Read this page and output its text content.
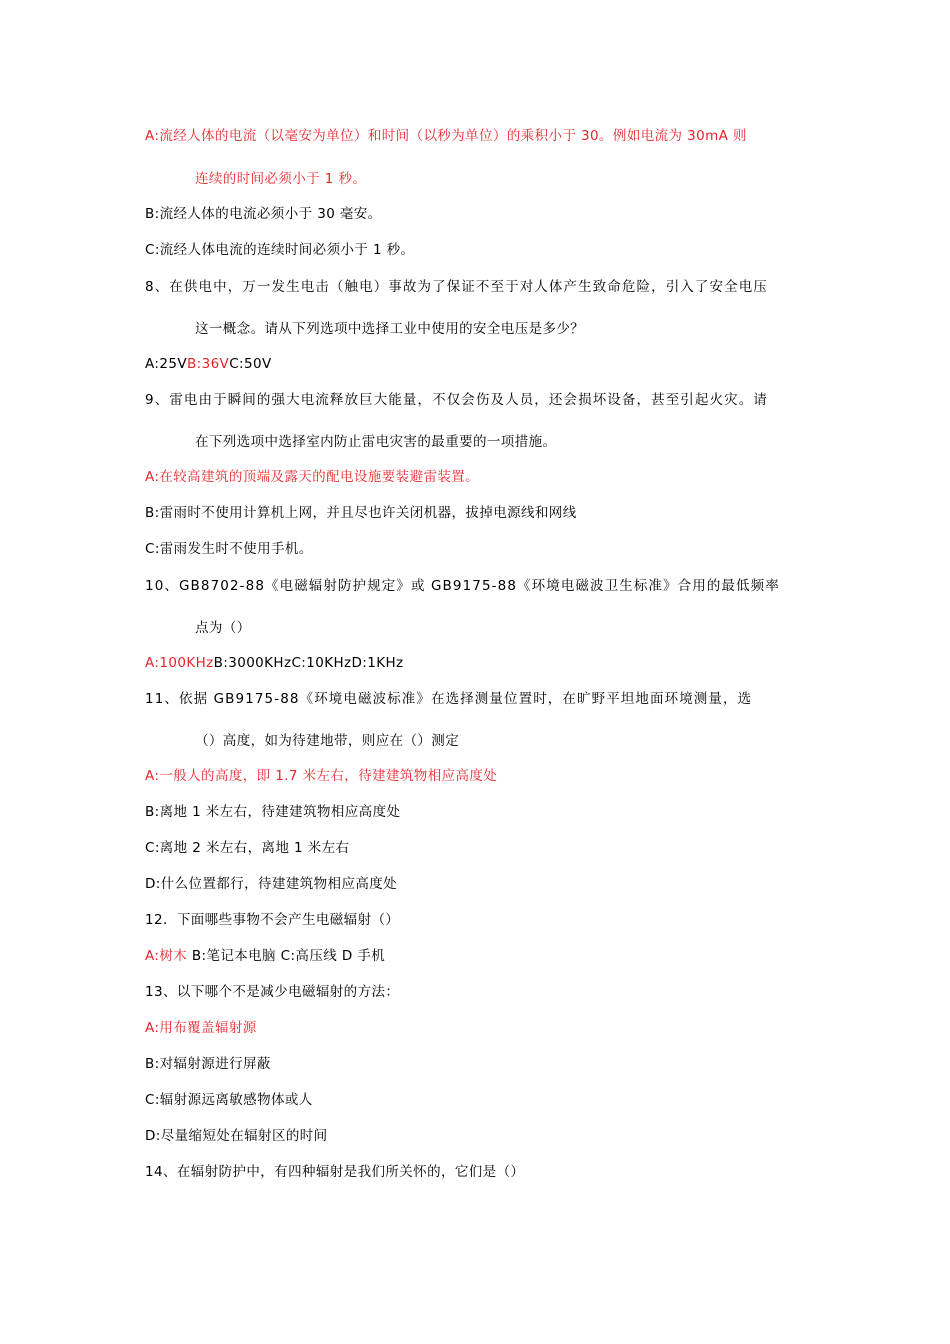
A:流经人体的电流（以毫安为单位）和时间（以秒为单位）的乘积小于 30。例如电流为 30mA 则
连续的时间必须小于 1 秒。
B:流经人体的电流必须小于 30 毫安。
C:流经人体电流的连续时间必须小于 1 秒。
8、在供电中，万一发生电击（触电）事故为了保证不至于对人体产生致命危险，引入了安全电压
这一概念。请从下列选项中选择工业中使用的安全电压是多少？
A:25VB:36VC:50V
9、雷电由于瞬间的强大电流释放巨大能量，不仅会伤及人员，还会损坏设备，甚至引起火灾。请
在下列选项中选择室内防止雷电灾害的最重要的一项措施。
A:在较高建筑的顶端及露天的配电设施要装避雷装置。
B:雷雨时不使用计算机上网，并且尽也许关闭机器，拔掉电源线和网线
C:雷雨发生时不使用手机。
10、GB8702-88《电磁辐射防护规定》或 GB9175-88《环境电磁波卫生标准》合用的最低频率
点为（）
A:100KHzB:3000KHzC:10KHzD:1KHz
11、依据 GB9175-88《环境电磁波标准》在选择测量位置时，在旷野平坦地面环境测量，选
（）高度，如为待建地带，则应在（）测定
A:一般人的高度，即 1.7 米左右，待建建筑物相应高度处
B:离地 1 米左右，待建建筑物相应高度处
C:离地 2 米左右，离地 1 米左右
D:什么位置都行，待建建筑物相应高度处
12．下面哪些事物不会产生电磁辐射（）
A:树木 B:笔记本电脑 C:高压线 D 手机
13、以下哪个不是减少电磁辐射的方法：
A:用布覆盖辐射源
B:对辐射源进行屏蔽
C:辐射源远离敏感物体或人
D:尽量缩短处在辐射区的时间
14、在辐射防护中，有四种辐射是我们所关怀的，它们是（）
